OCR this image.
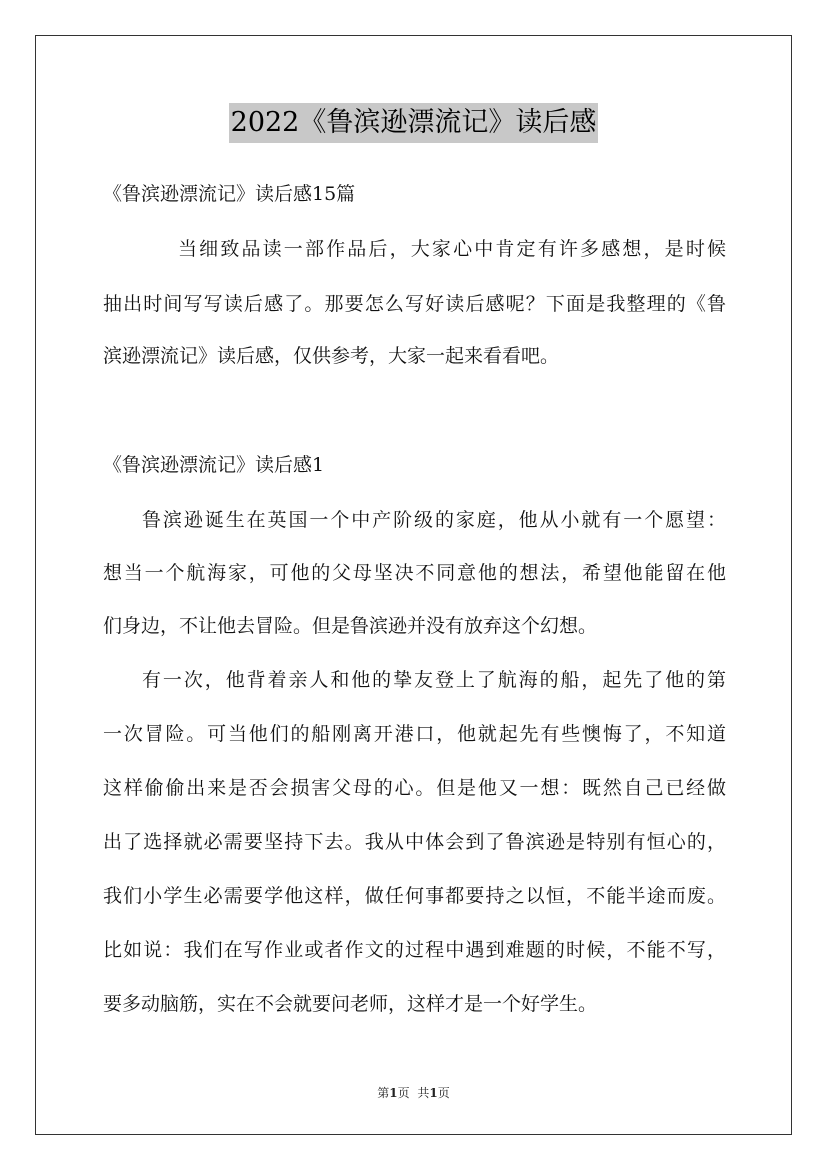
2022《鲁滨逊漂流记》读后感
《鲁滨逊漂流记》读后感15篇
当细致品读一部作品后，大家心中肯定有许多感想，是时候
抽出时间写写读后感了。那要怎么写好读后感呢？下面是我整理的《鲁
滨逊漂流记》读后感，仅供参考，大家一起来看看吧。
《鲁滨逊漂流记》读后感1
鲁滨逊诞生在英国一个中产阶级的家庭，他从小就有一个愿望：
想当一个航海家，可他的父母坚决不同意他的想法，希望他能留在他
们身边，不让他去冒险。但是鲁滨逊并没有放弃这个幻想。
有一次，他背着亲人和他的挚友登上了航海的船，起先了他的第
一次冒险。可当他们的船刚离开港口，他就起先有些懊悔了，不知道
这样偷偷出来是否会损害父母的心。但是他又一想：既然自己已经做
出了选择就必需要坚持下去。我从中体会到了鲁滨逊是特别有恒心的，
我们小学生必需要学他这样，做任何事都要持之以恒，不能半途而废。
比如说：我们在写作业或者作文的过程中遇到难题的时候，不能不写，
要多动脑筋，实在不会就要问老师，这样才是一个好学生。
第1页 共1页
